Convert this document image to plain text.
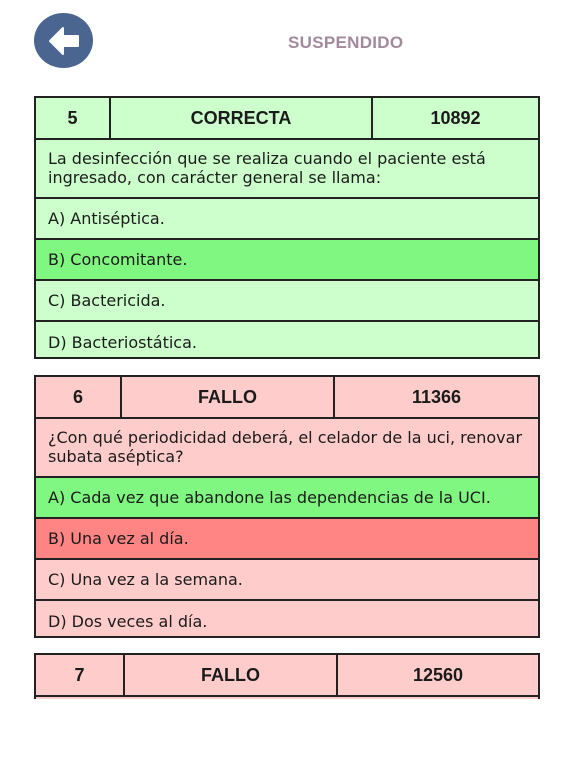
SUSPENDIDO
5	CORRECTA	10892
La desinfección que se realiza cuando el paciente está ingresado, con carácter general se llama:
A) Antiséptica.
B) Concomitante.
C) Bactericida.
D) Bacteriostática.
6	FALLO	11366
¿Con qué periodicidad deberá, el celador de la uci, renovar subata aséptica?
A) Cada vez que abandone las dependencias de la UCI.
B) Una vez al día.
C) Una vez a la semana.
D) Dos veces al día.
7	FALLO	12560
